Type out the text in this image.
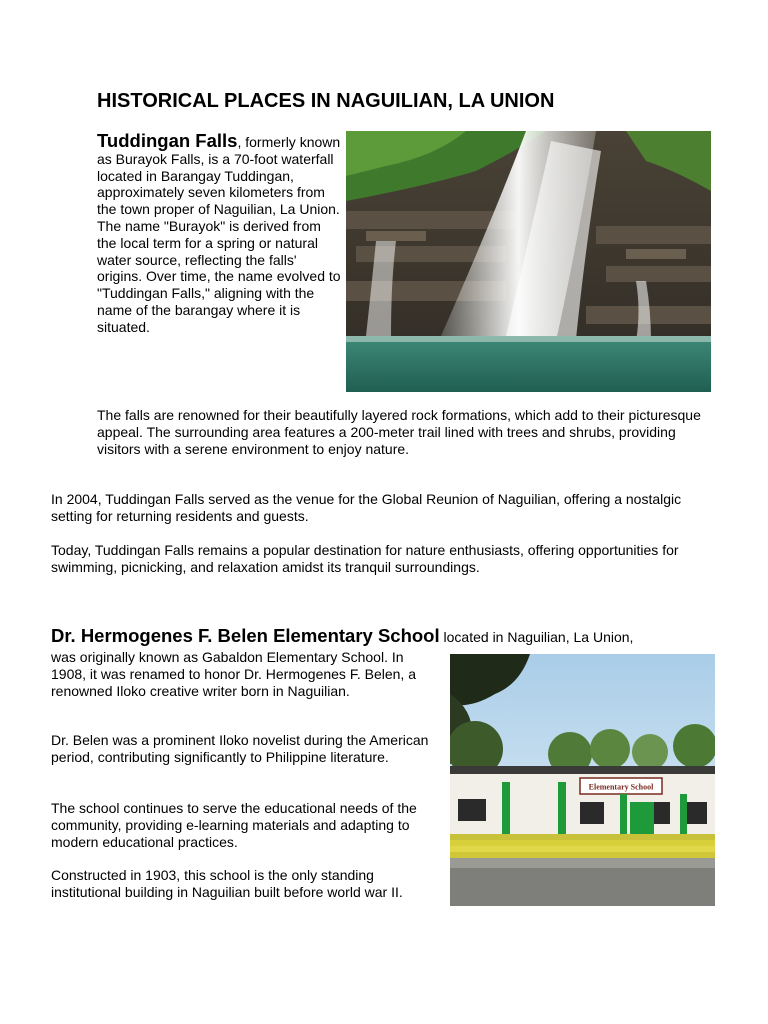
HISTORICAL PLACES IN NAGUILIAN, LA UNION

Tuddingan Falls, formerly known as Burayok Falls, is a 70-foot waterfall located in Barangay Tuddingan, approximately seven kilometers from the town proper of Naguilian, La Union. The name "Burayok" is derived from the local term for a spring or natural water source, reflecting the falls' origins. Over time, the name evolved to "Tuddingan Falls," aligning with the name of the barangay where it is situated.

The falls are renowned for their beautifully layered rock formations, which add to their picturesque appeal. The surrounding area features a 200-meter trail lined with trees and shrubs, providing visitors with a serene environment to enjoy nature.

In 2004, Tuddingan Falls served as the venue for the Global Reunion of Naguilian, offering a nostalgic setting for returning residents and guests.

Today, Tuddingan Falls remains a popular destination for nature enthusiasts, offering opportunities for swimming, picnicking, and relaxation amidst its tranquil surroundings.

Dr. Hermogenes F. Belen Elementary School located in Naguilian, La Union,

was originally known as Gabaldon Elementary School. In 1908, it was renamed to honor Dr. Hermogenes F. Belen, a renowned Iloko creative writer born in Naguilian.

Dr. Belen was a prominent Iloko novelist during the American period, contributing significantly to Philippine literature.

The school continues to serve the educational needs of the community, providing e-learning materials and adapting to modern educational practices.

Constructed in 1903, this school is the only standing institutional building in Naguilian built before world war II.

Elementary School
